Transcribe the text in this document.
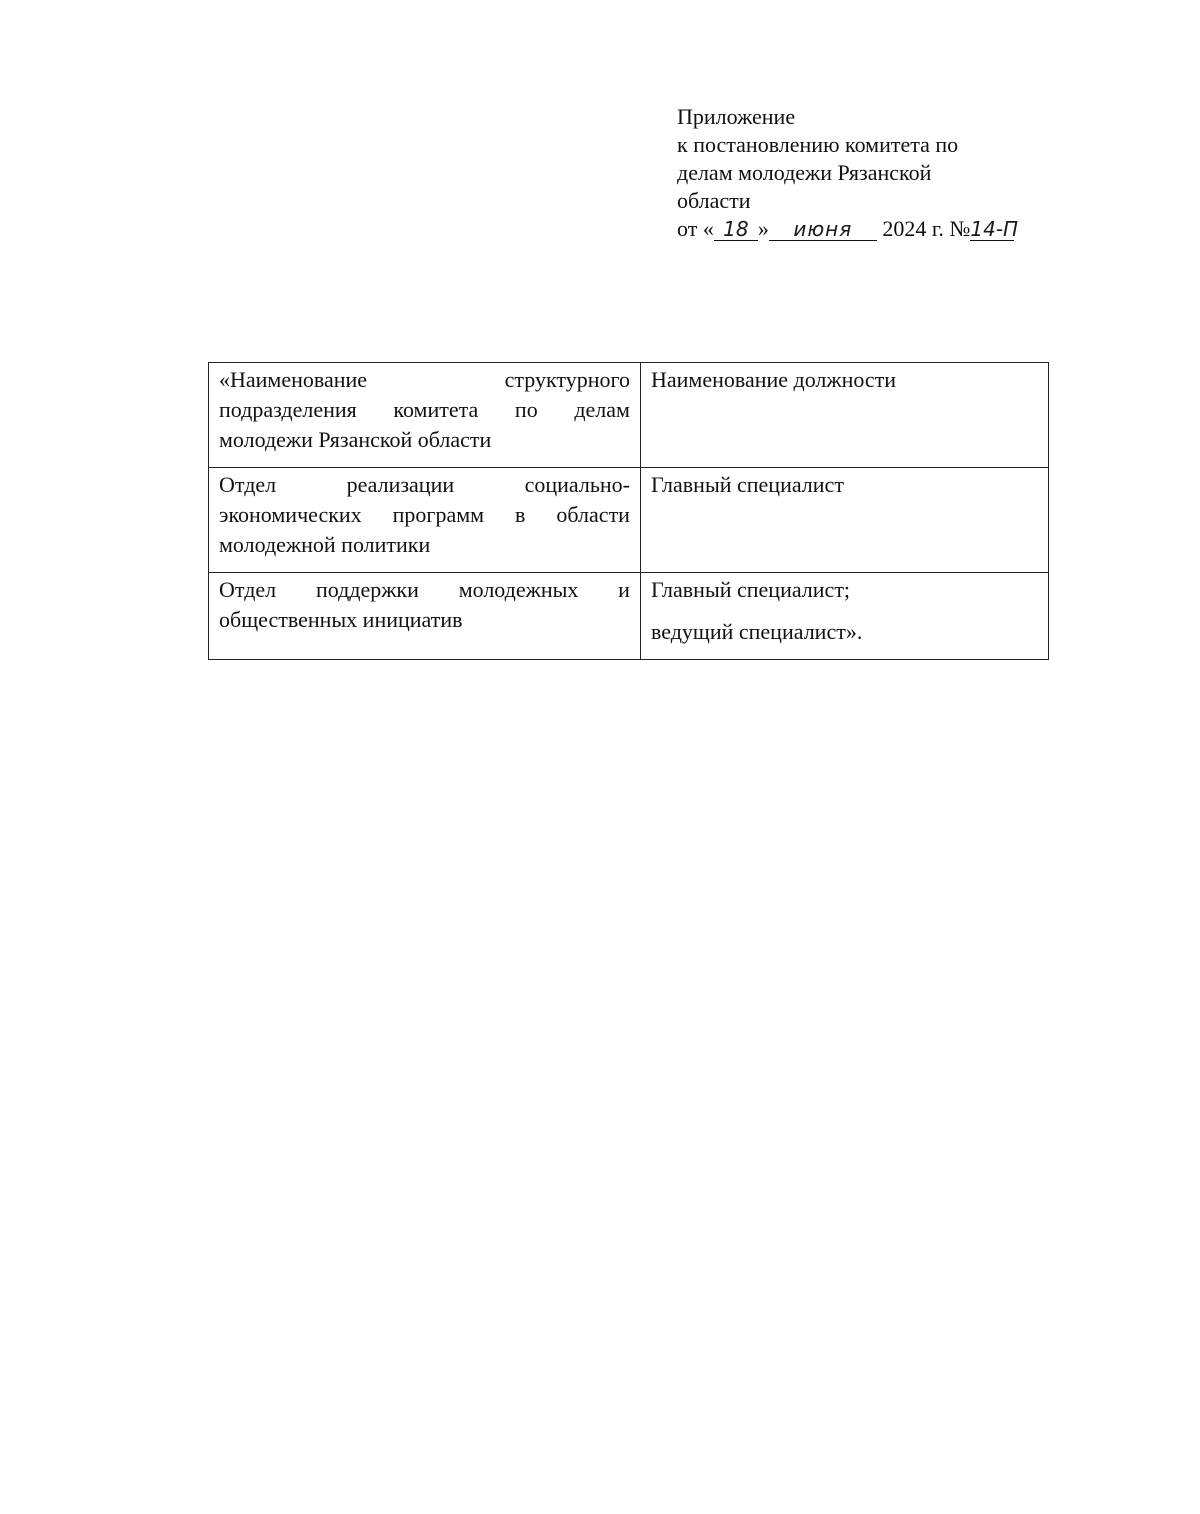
Приложение
к постановлению комитета по
делам молодежи Рязанской
области
от « 18 » июня 2024 г. №14-П
«Наименование структурного подразделения комитета по делам молодежи Рязанской области	Наименование должности

Отдел реализации социально-экономических программ в области молодежной политики	Главный специалист

Отдел поддержки молодежных и общественных инициатив	Главный специалист;
ведущий специалист».
